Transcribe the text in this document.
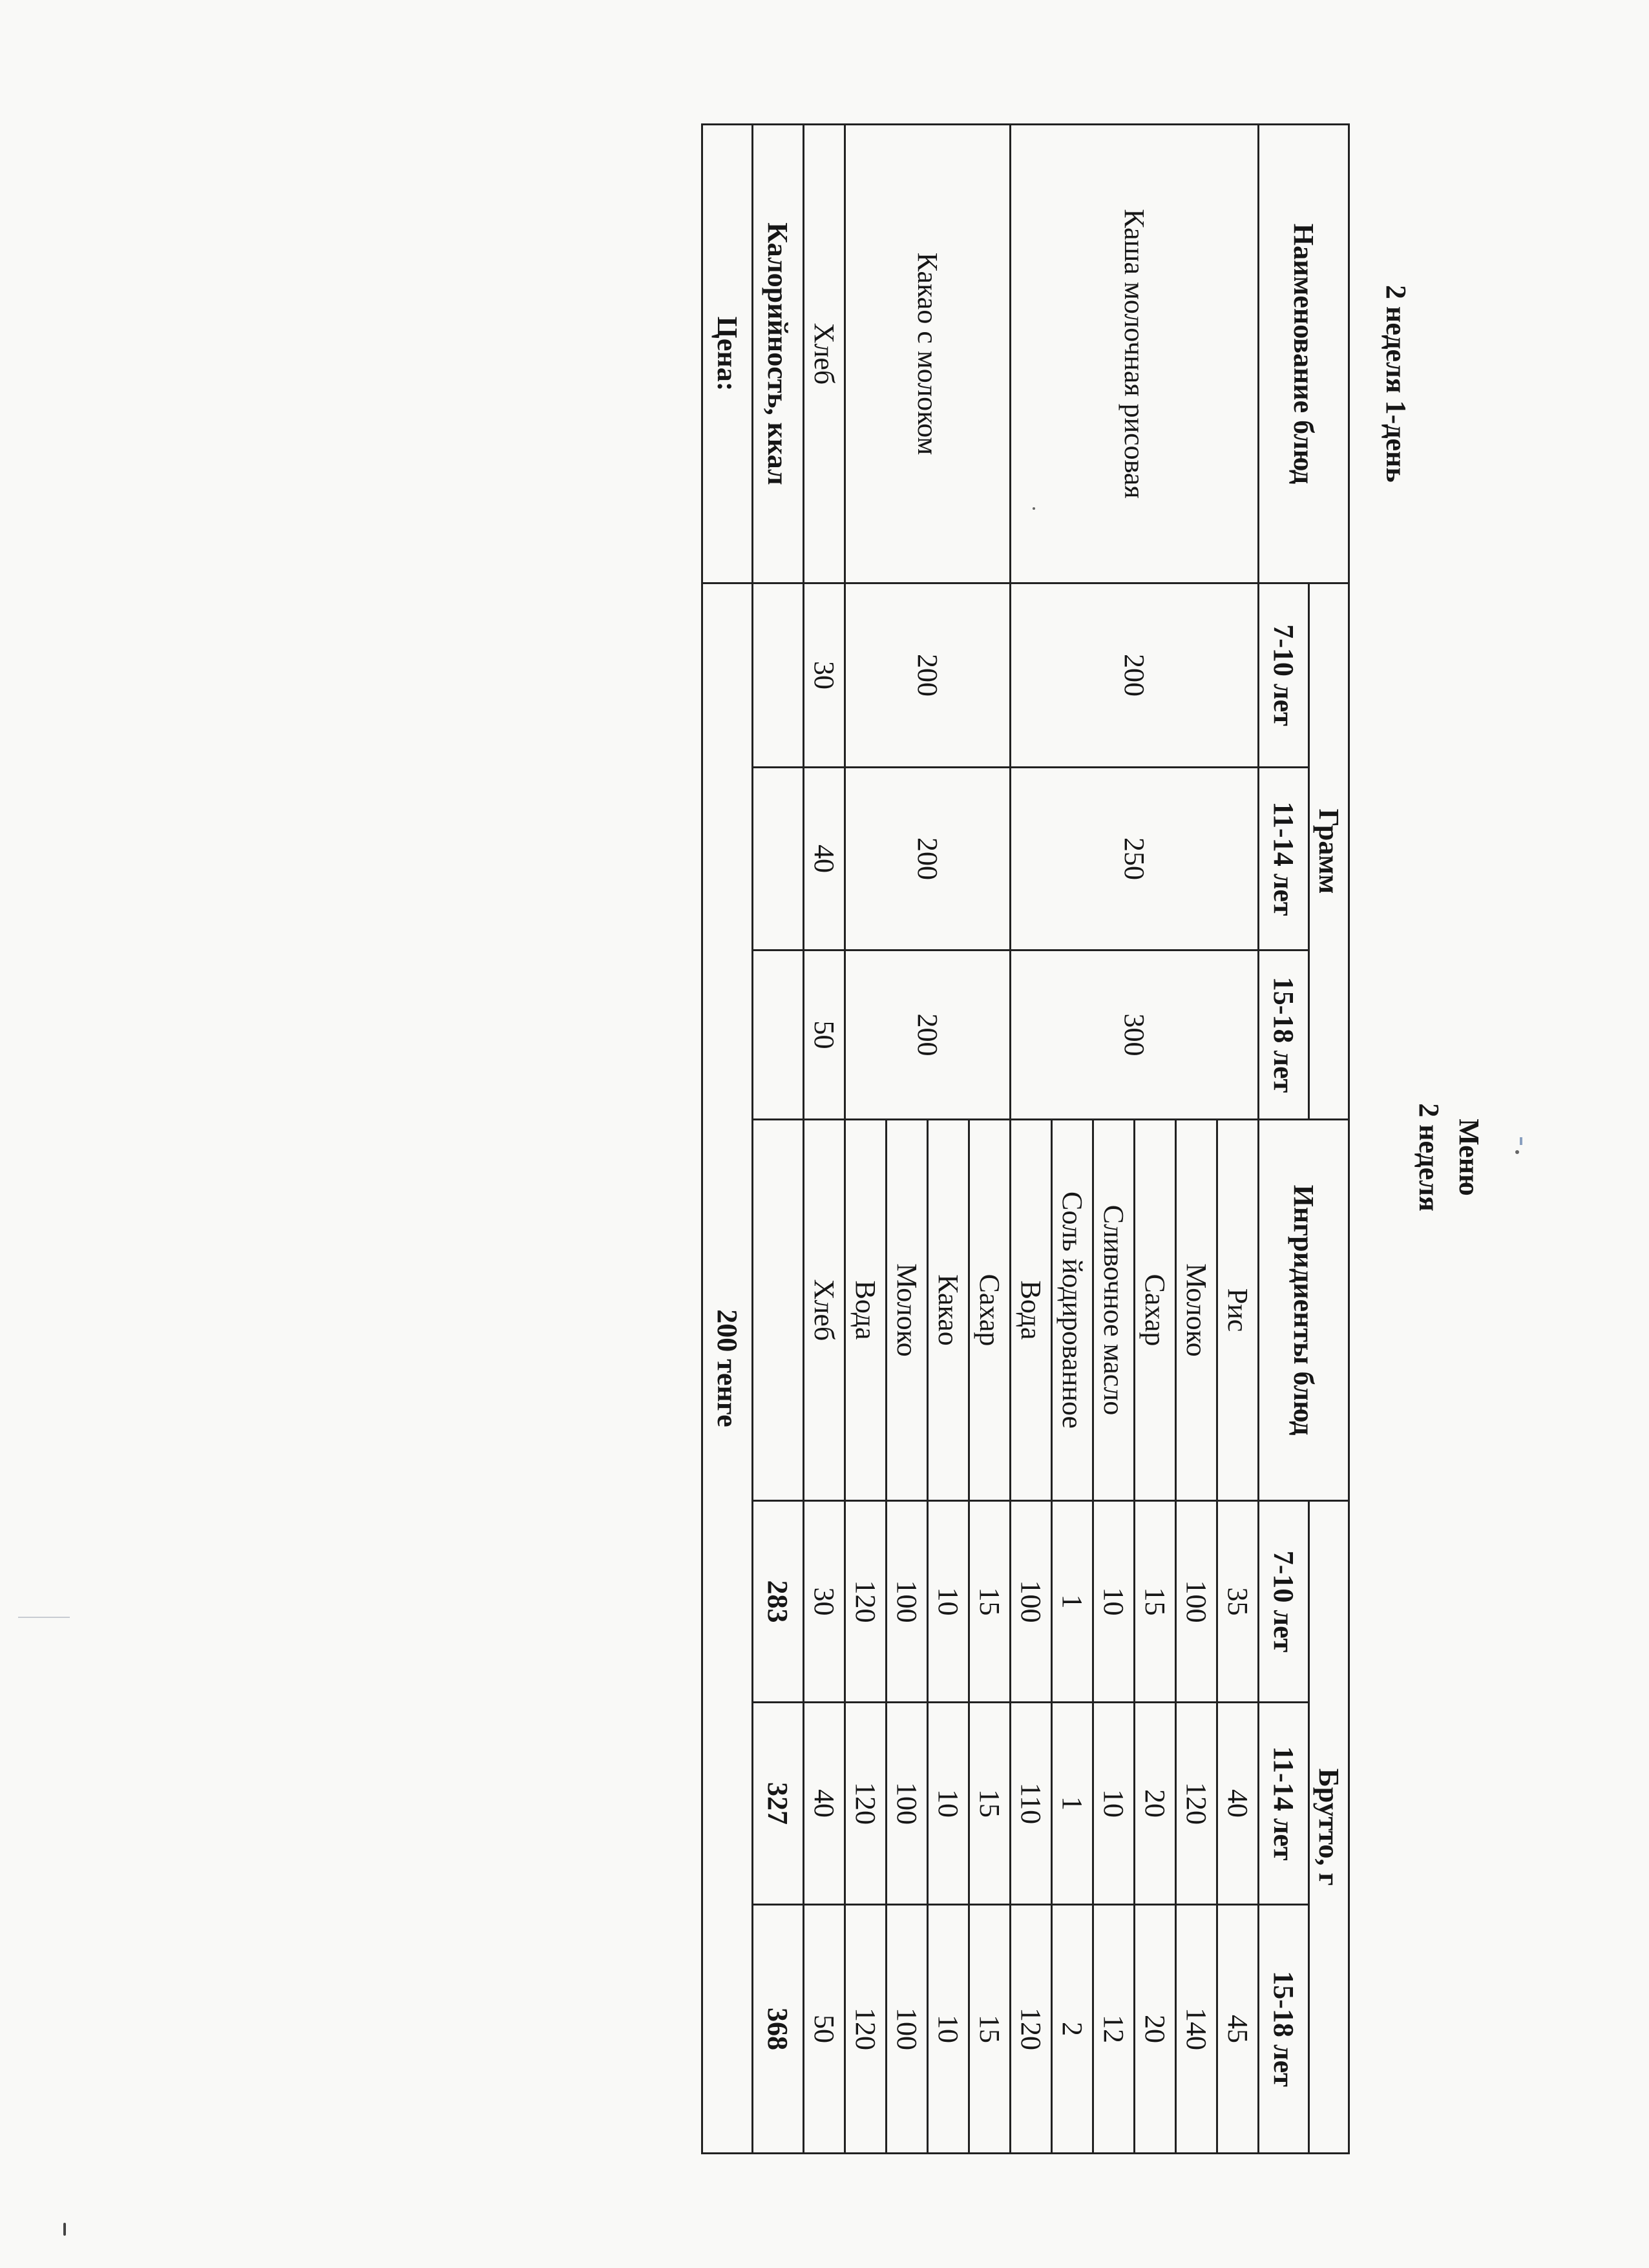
Меню
2 неделя
2 неделя 1-день
Наименование блюд	Грамм			Ингридиенты блюд	Брутто, г		
	7-10 лет	11-14 лет	15-18 лет		7-10 лет	11-14 лет	15-18 лет
Каша молочная рисовая	200	250	300	Рис	35	40	45
				Молоко	100	120	140
				Сахар	15	20	20
				Сливочное масло	10	10	12
				Соль йодированное	1	1	2
				Вода	100	110	120
Какао с молоком	200	200	200	Сахар	15	15	15
				Какао	10	10	10
				Молоко	100	100	100
				Вода	120	120	120
Хлеб	30	40	50	Хлеб	30	40	50
Калорийность, ккал					283	327	368
Цена:	200 тенге						
